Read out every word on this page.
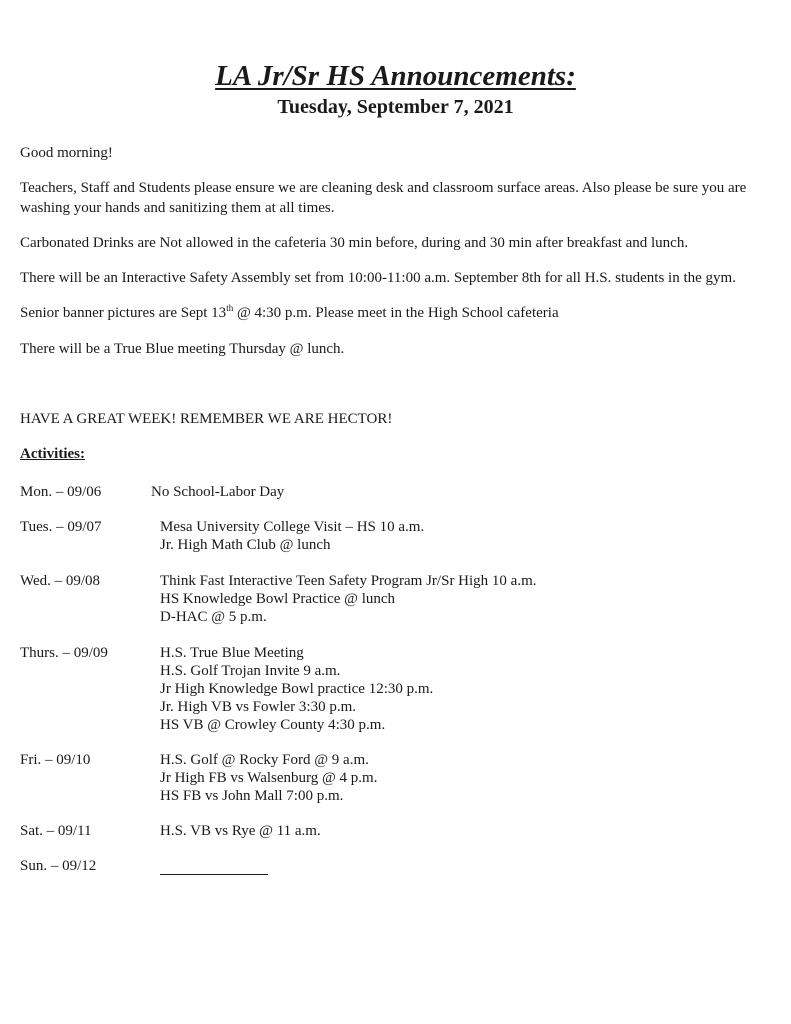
LA Jr/Sr HS Announcements:
Tuesday, September 7, 2021

Good morning!

Teachers, Staff and Students please ensure we are cleaning desk and classroom surface areas. Also please be sure you are

washing your hands and sanitizing them at all times.

Carbonated Drinks are Not allowed in the cafeteria 30 min before, during and 30 min after breakfast and lunch.

There will be an Interactive Safety Assembly set from 10:00-11:00 a.m. September 8th for all H.S. students in the gym.

Senior banner pictures are Sept 13th @ 4:30 p.m. Please meet in the High School cafeteria

There will be a True Blue meeting Thursday @ lunch.

HAVE A GREAT WEEK! REMEMBER WE ARE HECTOR!

Activities:
Mon. – 09/06	No School-Labor Day
Tues. – 09/07	Mesa University College Visit – HS 10 a.m.
Jr. High Math Club @ lunch
Wed. – 09/08	Think Fast Interactive Teen Safety Program Jr/Sr High 10 a.m.
HS Knowledge Bowl Practice @ lunch
D-HAC @ 5 p.m.
Thurs. – 09/09	H.S. True Blue Meeting
H.S. Golf Trojan Invite 9 a.m.
Jr High Knowledge Bowl practice 12:30 p.m.
Jr. High VB vs Fowler 3:30 p.m.
HS VB @ Crowley County 4:30 p.m.
Fri. – 09/10	H.S. Golf @ Rocky Ford @ 9 a.m.
Jr High FB vs Walsenburg @ 4 p.m.
HS FB vs John Mall 7:00 p.m.
Sat. – 09/11	H.S. VB vs Rye @ 11 a.m.
Sun. – 09/12
